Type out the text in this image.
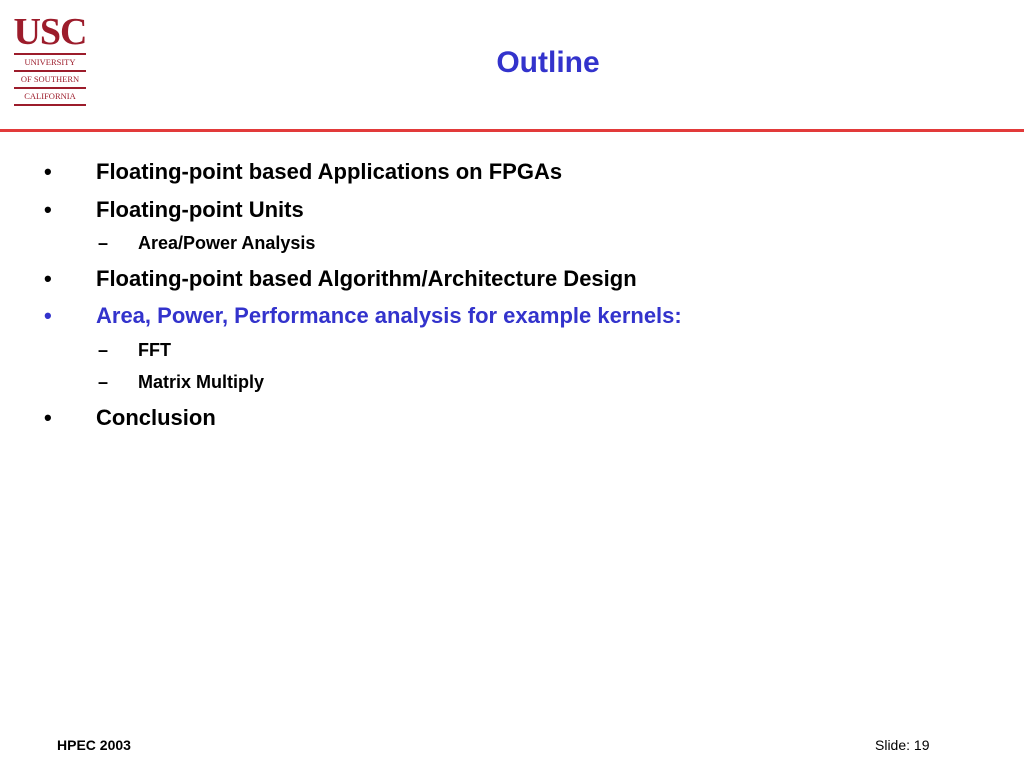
USC
UNIVERSITY
OF SOUTHERN
CALIFORNIA
Outline
• Floating-point based Applications on FPGAs
• Floating-point Units
– Area/Power Analysis
• Floating-point based Algorithm/Architecture Design
• Area, Power, Performance analysis for example kernels:
– FFT
– Matrix Multiply
• Conclusion
HPEC 2003	Slide: 19
